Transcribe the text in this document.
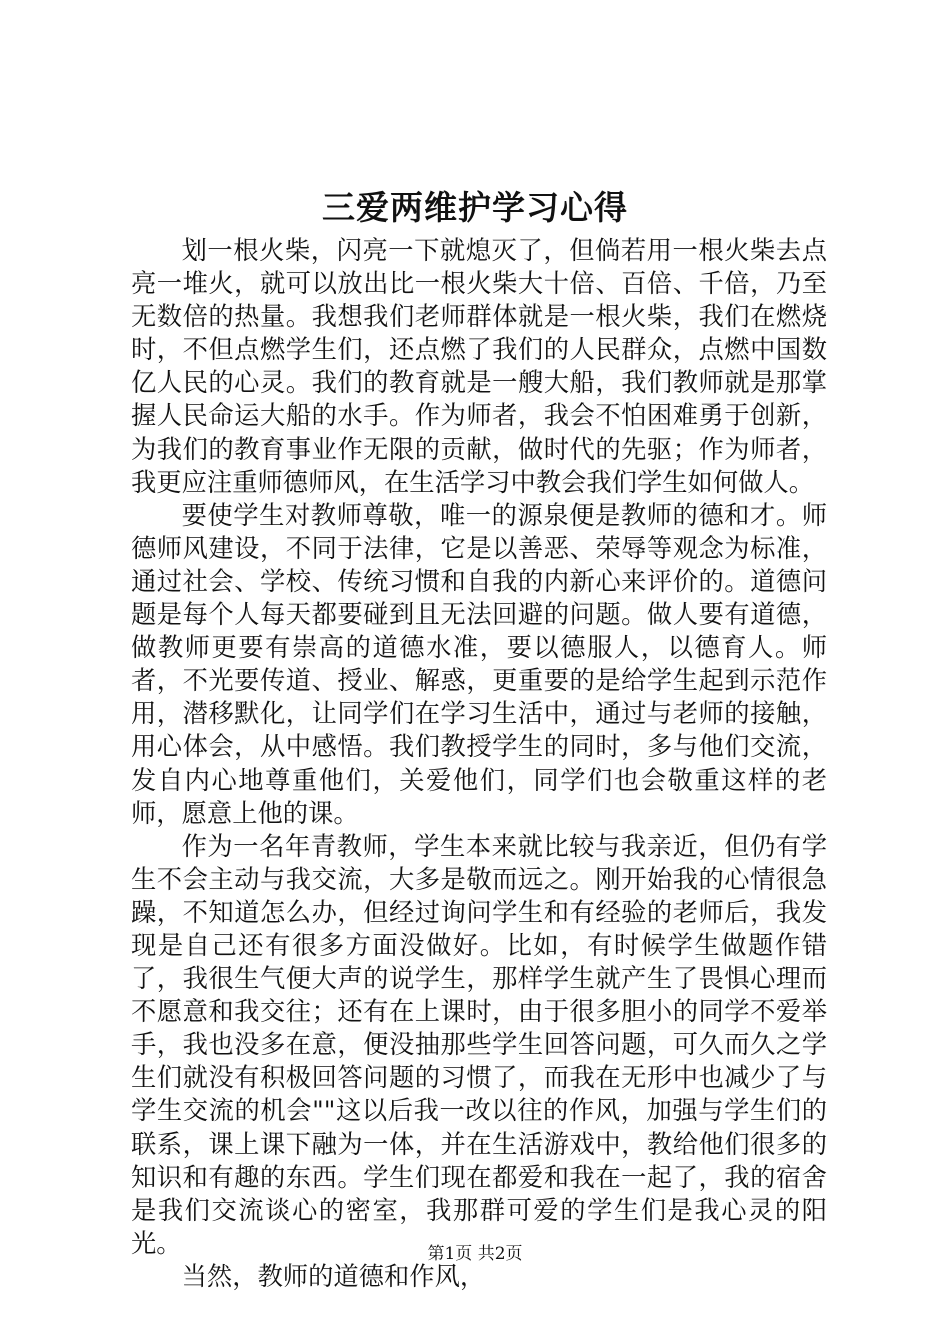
三爱两维护学习心得

划一根火柴，闪亮一下就熄灭了，但倘若用一根火柴去点亮一堆火，就可以放出比一根火柴大十倍、百倍、千倍，乃至无数倍的热量。我想我们老师群体就是一根火柴，我们在燃烧时，不但点燃学生们，还点燃了我们的人民群众，点燃中国数亿人民的心灵。我们的教育就是一艘大船，我们教师就是那掌握人民命运大船的水手。作为师者，我会不怕困难勇于创新，为我们的教育事业作无限的贡献，做时代的先驱；作为师者，我更应注重师德师风，在生活学习中教会我们学生如何做人。

要使学生对教师尊敬，唯一的源泉便是教师的德和才。师德师风建设，不同于法律，它是以善恶、荣辱等观念为标准，通过社会、学校、传统习惯和自我的内新心来评价的。道德问题是每个人每天都要碰到且无法回避的问题。做人要有道德，做教师更要有崇高的道德水准，要以德服人，以德育人。师者，不光要传道、授业、解惑，更重要的是给学生起到示范作用，潜移默化，让同学们在学习生活中，通过与老师的接触，用心体会，从中感悟。我们教授学生的同时，多与他们交流，发自内心地尊重他们，关爱他们，同学们也会敬重这样的老师，愿意上他的课。

作为一名年青教师，学生本来就比较与我亲近，但仍有学生不会主动与我交流，大多是敬而远之。刚开始我的心情很急躁，不知道怎么办，但经过询问学生和有经验的老师后，我发现是自己还有很多方面没做好。比如，有时候学生做题作错了，我很生气便大声的说学生，那样学生就产生了畏惧心理而不愿意和我交往；还有在上课时，由于很多胆小的同学不爱举手，我也没多在意，便没抽那些学生回答问题，可久而久之学生们就没有积极回答问题的习惯了，而我在无形中也减少了与学生交流的机会""这以后我一改以往的作风，加强与学生们的联系，课上课下融为一体，并在生活游戏中，教给他们很多的知识和有趣的东西。学生们现在都爱和我在一起了，我的宿舍是我们交流谈心的密室，我那群可爱的学生们是我心灵的阳光。

当然，教师的道德和作风，

第1页 共2页
